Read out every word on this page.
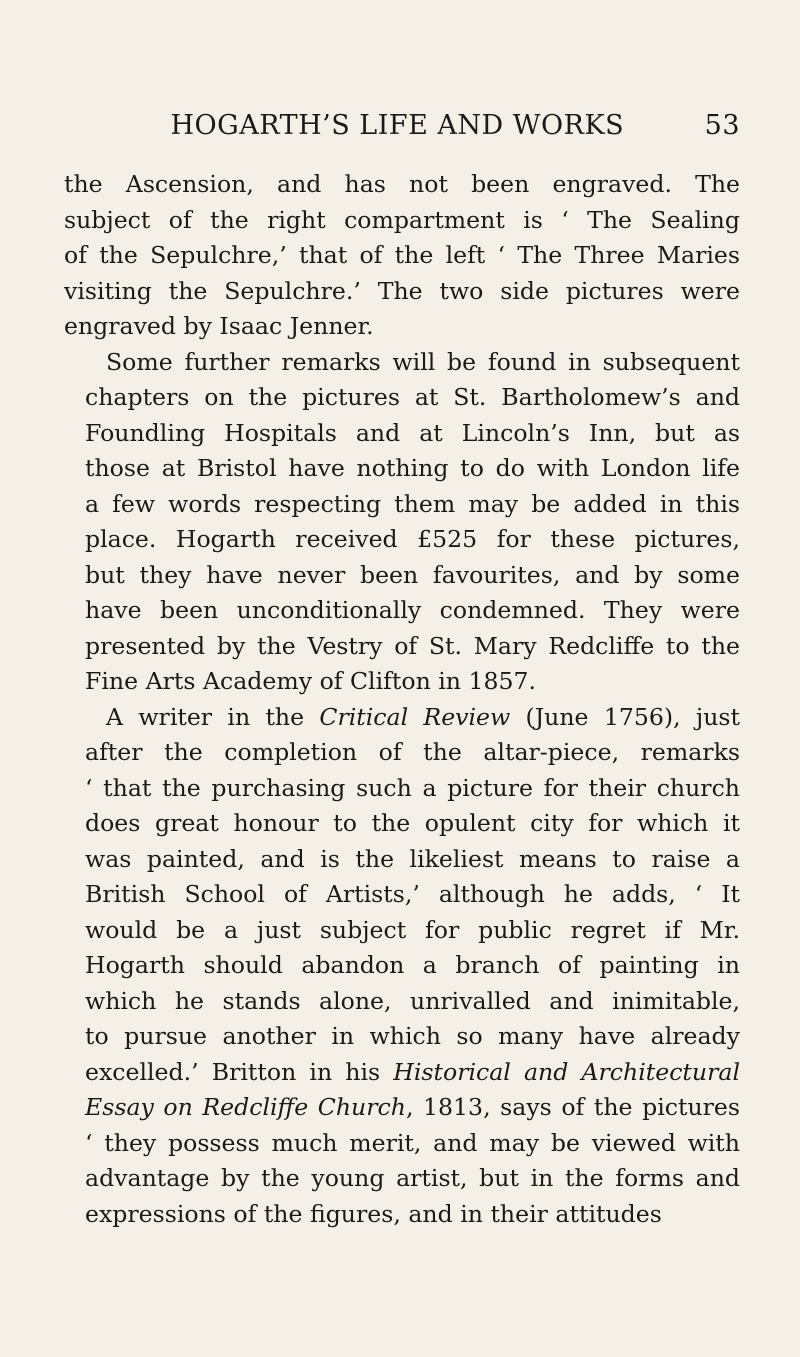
HOGARTH’S LIFE AND WORKS	53

the Ascension, and has not been engraved. The
subject of the right compartment is ‘ The Sealing
of the Sepulchre,’ that of the left ‘ The Three Maries
visiting the Sepulchre.’ The two side pictures were
engraved by Isaac Jenner.

Some further remarks will be found in subsequent
chapters on the pictures at St. Bartholomew’s and
Foundling Hospitals and at Lincoln’s Inn, but as
those at Bristol have nothing to do with London life
a few words respecting them may be added in this
place. Hogarth received £525 for these pictures,
but they have never been favourites, and by some
have been unconditionally condemned. They were
presented by the Vestry of St. Mary Redcliffe to the
Fine Arts Academy of Clifton in 1857.

A writer in the Critical Review (June 1756), just
after the completion of the altar-piece, remarks
‘ that the purchasing such a picture for their church
does great honour to the opulent city for which it
was painted, and is the likeliest means to raise a
British School of Artists,’ although he adds, ‘ It
would be a just subject for public regret if Mr.
Hogarth should abandon a branch of painting in
which he stands alone, unrivalled and inimitable,
to pursue another in which so many have already
excelled.’ Britton in his Historical and Architectural
Essay on Redcliffe Church, 1813, says of the pictures
‘ they possess much merit, and may be viewed with
advantage by the young artist, but in the forms and
expressions of the figures, and in their attitudes
